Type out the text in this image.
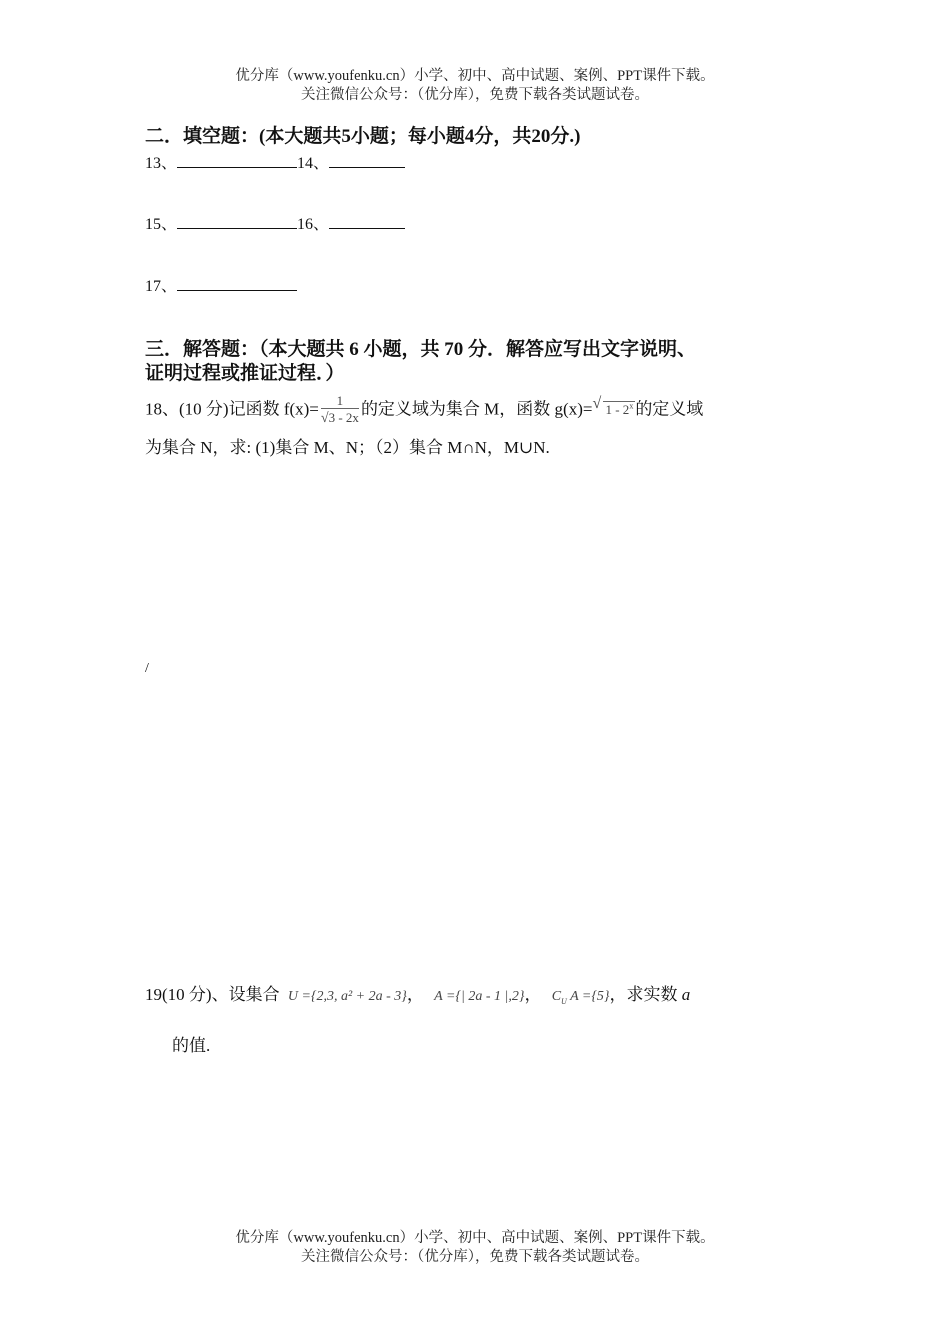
优分库（www.youfenku.cn）小学、初中、高中试题、案例、PPT课件下载。
关注微信公众号：（优分库），免费下载各类试题试卷。
二．填空题：(本大题共5小题；每小题4分，共20分.)
13、	14、
15、	16、
17、
三．解答题：（本大题共 6 小题，共 70 分．解答应写出文字说明、
证明过程或推证过程．）
18、(10 分)记函数 $f(x)= \frac{1}{√3 - 2x}$ 的定义域为集合 M，函数 g(x)= √ 1 - 2$^x$ 的定义域
为集合 N，求: (1)集合 M、N；（2）集合 M∩N，M∪N.
/
19(10 分)、设集合 U ={2,3, a² + 2a - 3}， A ={| 2a - 1 |,2}， $C_U$ A ={5}，求实数 a
的值.
优分库（www.youfenku.cn）小学、初中、高中试题、案例、PPT课件下载。
关注微信公众号：（优分库），免费下载各类试题试卷。
